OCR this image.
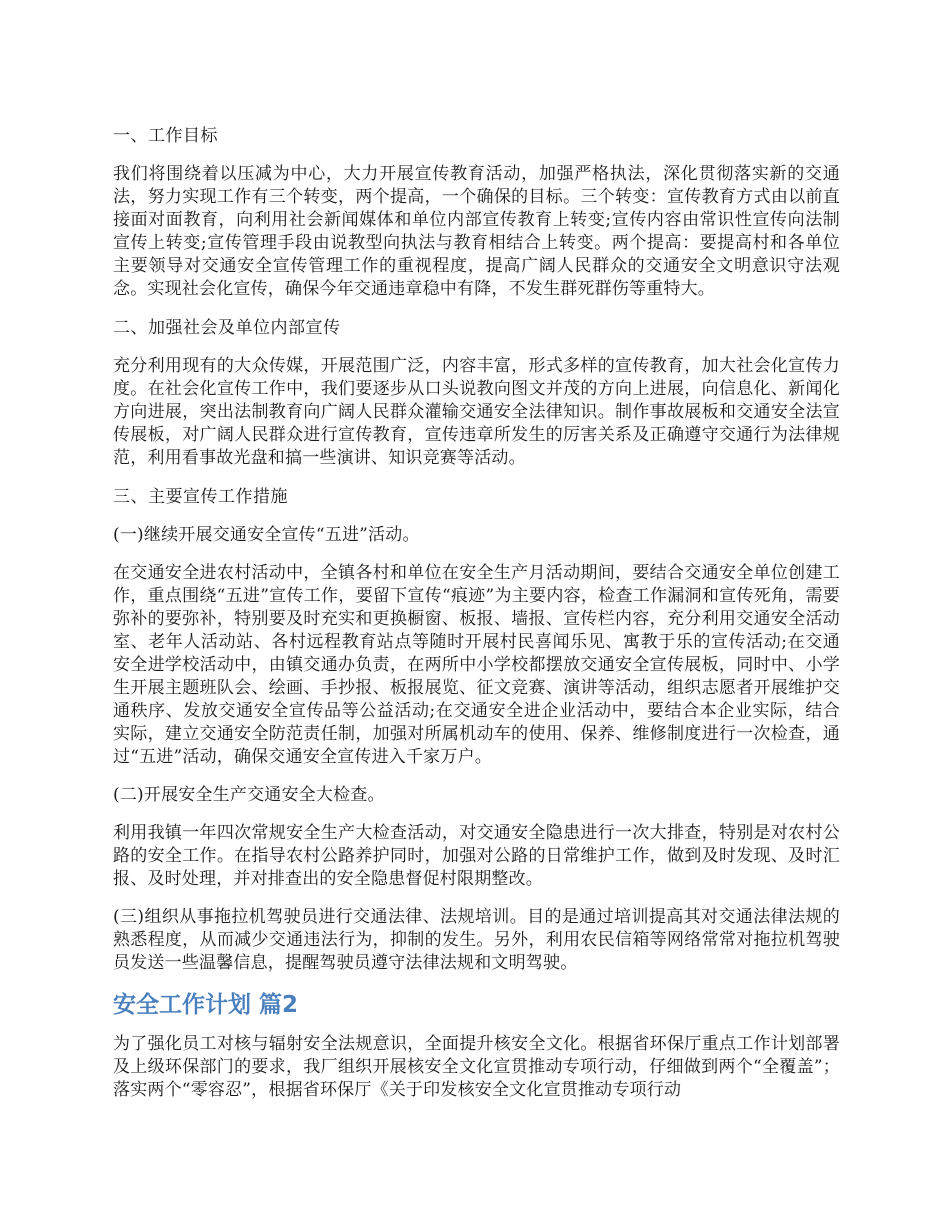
一、工作目标
我们将围绕着以压减为中心，大力开展宣传教育活动，加强严格执法，深化贯彻落实新的交通法，努力实现工作有三个转变，两个提高，一个确保的目标。三个转变：宣传教育方式由以前直接面对面教育，向利用社会新闻媒体和单位内部宣传教育上转变;宣传内容由常识性宣传向法制宣传上转变;宣传管理手段由说教型向执法与教育相结合上转变。两个提高：要提高村和各单位主要领导对交通安全宣传管理工作的重视程度，提高广阔人民群众的交通安全文明意识守法观念。实现社会化宣传，确保今年交通违章稳中有降，不发生群死群伤等重特大。
二、加强社会及单位内部宣传
充分利用现有的大众传媒，开展范围广泛，内容丰富，形式多样的宣传教育，加大社会化宣传力度。在社会化宣传工作中，我们要逐步从口头说教向图文并茂的方向上进展，向信息化、新闻化方向进展，突出法制教育向广阔人民群众灌输交通安全法律知识。制作事故展板和交通安全法宣传展板，对广阔人民群众进行宣传教育，宣传违章所发生的厉害关系及正确遵守交通行为法律规范，利用看事故光盘和搞一些演讲、知识竞赛等活动。
三、主要宣传工作措施
(一)继续开展交通安全宣传“五进”活动。
在交通安全进农村活动中，全镇各村和单位在安全生产月活动期间，要结合交通安全单位创建工作，重点围绕“五进”宣传工作，要留下宣传“痕迹”为主要内容，检查工作漏洞和宣传死角，需要弥补的要弥补，特别要及时充实和更换橱窗、板报、墙报、宣传栏内容，充分利用交通安全活动室、老年人活动站、各村远程教育站点等随时开展村民喜闻乐见、寓教于乐的宣传活动;在交通安全进学校活动中，由镇交通办负责，在两所中小学校都摆放交通安全宣传展板，同时中、小学生开展主题班队会、绘画、手抄报、板报展览、征文竞赛、演讲等活动，组织志愿者开展维护交通秩序、发放交通安全宣传品等公益活动;在交通安全进企业活动中，要结合本企业实际，结合实际，建立交通安全防范责任制，加强对所属机动车的使用、保养、维修制度进行一次检查，通过“五进”活动，确保交通安全宣传进入千家万户。
(二)开展安全生产交通安全大检查。
利用我镇一年四次常规安全生产大检查活动，对交通安全隐患进行一次大排查，特别是对农村公路的安全工作。在指导农村公路养护同时，加强对公路的日常维护工作，做到及时发现、及时汇报、及时处理，并对排查出的安全隐患督促村限期整改。
(三)组织从事拖拉机驾驶员进行交通法律、法规培训。目的是通过培训提高其对交通法律法规的熟悉程度，从而减少交通违法行为，抑制的发生。另外，利用农民信箱等网络常常对拖拉机驾驶员发送一些温馨信息，提醒驾驶员遵守法律法规和文明驾驶。
安全工作计划 篇2
为了强化员工对核与辐射安全法规意识，全面提升核安全文化。根据省环保厅重点工作计划部署及上级环保部门的要求，我厂组织开展核安全文化宣贯推动专项行动，仔细做到两个“全覆盖”；落实两个“零容忍”，根据省环保厅《关于印发核安全文化宣贯推动专项行动
